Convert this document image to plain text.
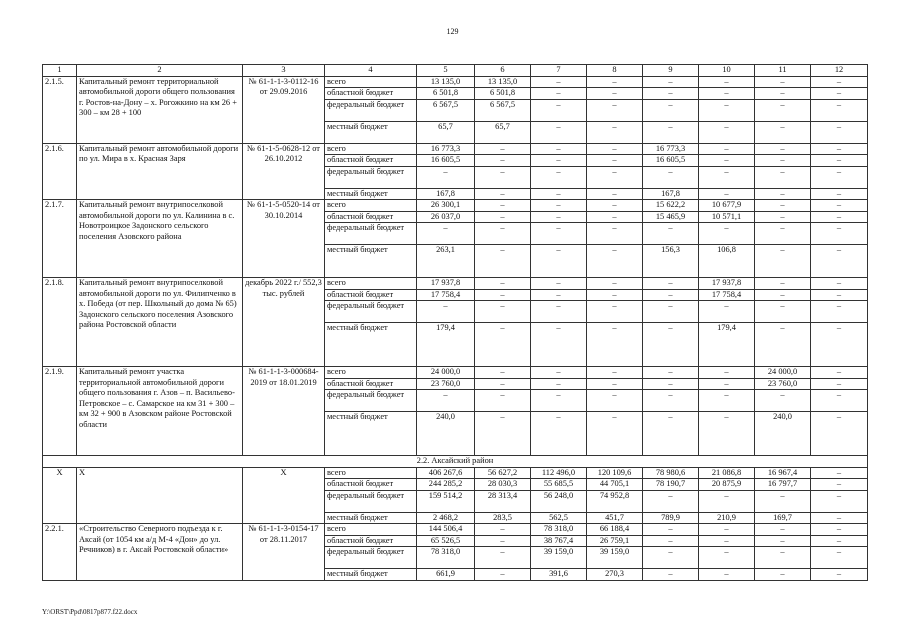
129
1	2	3	4	5	6	7	8	9	10	11	12
2.1.5.	Капитальный ремонт территориальной автомобильной дороги общего пользования г. Ростов-на-Дону – х. Рогожкино на км 26 + 300 – км 28 + 100	№ 61-1-1-3-0112-16 от 29.09.2016	всего	13 135,0	13 135,0	–	–	–	–	–	–
			областной бюджет	6 501,8	6 501,8	–	–	–	–	–	–
			федеральный бюджет	6 567,5	6 567,5	–	–	–	–	–	–
			местный бюджет	65,7	65,7	–	–	–	–	–	–
2.1.6.	Капитальный ремонт автомобильной дороги по ул. Мира в х. Красная Заря	№ 61-1-5-0628-12 от 26.10.2012	всего	16 773,3	–	–	–	16 773,3	–	–	–
			областной бюджет	16 605,5	–	–	–	16 605,5	–	–	–
			федеральный бюджет	–	–	–	–	–	–	–	–
			местный бюджет	167,8	–	–	–	167,8	–	–	–
2.1.7.	Капитальный ремонт внутрипоселковой автомобильной дороги по ул. Калинина в с. Новотроицкое Задонского сельского поселения Азовского района	№ 61-1-5-0520-14 от 30.10.2014	всего	26 300,1	–	–	–	15 622,2	10 677,9	–	–
			областной бюджет	26 037,0	–	–	–	15 465,9	10 571,1	–	–
			федеральный бюджет	–	–	–	–	–	–	–	–
			местный бюджет	263,1	–	–	–	156,3	106,8	–	–
2.1.8.	Капитальный ремонт внутрипоселковой автомобильной дороги по ул. Филипченко в х. Победа (от пер. Школьный до дома № 65) Задонского сельского поселения Азовского района Ростовской области	декабрь 2022 г./ 552,3 тыс. рублей	всего	17 937,8	–	–	–	–	17 937,8	–	–
			областной бюджет	17 758,4	–	–	–	–	17 758,4	–	–
			федеральный бюджет	–	–	–	–	–	–	–	–
			местный бюджет	179,4	–	–	–	–	179,4	–	–
2.1.9.	Капитальный ремонт участка территориальной автомобильной дороги общего пользования г. Азов – п. Васильево-Петровское – с. Самарское на км 31 + 300 – км 32 + 900 в Азовском районе Ростовской области	№ 61-1-1-3-000684-2019 от 18.01.2019	всего	24 000,0	–	–	–	–	–	24 000,0	–
			областной бюджет	23 760,0	–	–	–	–	–	23 760,0	–
			федеральный бюджет	–	–	–	–	–	–	–	–
			местный бюджет	240,0	–	–	–	–	–	240,0	–
2.2. Аксайский район											
Х	Х	Х	всего	406 267,6	56 627,2	112 496,0	120 109,6	78 980,6	21 086,8	16 967,4	–
			областной бюджет	244 285,2	28 030,3	55 685,5	44 705,1	78 190,7	20 875,9	16 797,7	–
			федеральный бюджет	159 514,2	28 313,4	56 248,0	74 952,8	–	–	–	–
			местный бюджет	2 468,2	283,5	562,5	451,7	789,9	210,9	169,7	–
2.2.1.	«Строительство Северного подъезда к г. Аксай (от 1054 км а/д М-4 «Дон» до ул. Речников) в г. Аксай Ростовской области»	№ 61-1-1-3-0154-17 от 28.11.2017	всего	144 506,4	–	78 318,0	66 188,4	–	–	–	–
			областной бюджет	65 526,5	–	38 767,4	26 759,1	–	–	–	–
			федеральный бюджет	78 318,0	–	39 159,0	39 159,0	–	–	–	–
			местный бюджет	661,9	–	391,6	270,3	–	–	–	–
Y:\ORST\Ppd\0817p877.f22.docx
